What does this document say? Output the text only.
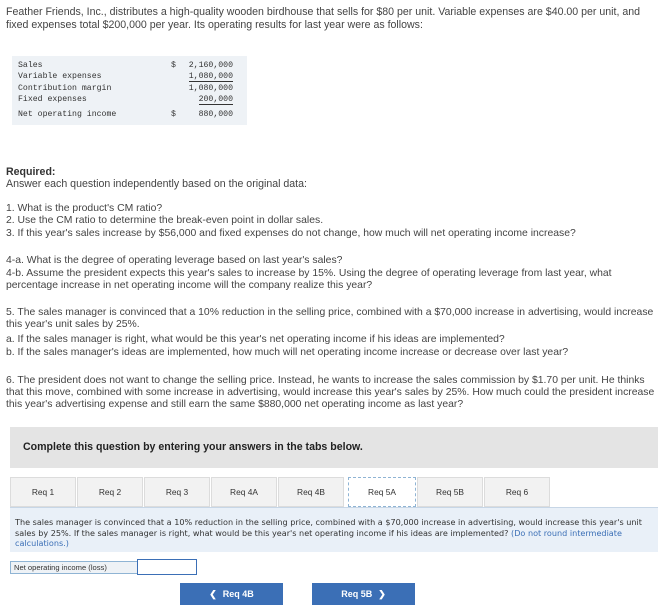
Feather Friends, Inc., distributes a high-quality wooden birdhouse that sells for $80 per unit. Variable expenses are $40.00 per unit, and fixed expenses total $200,000 per year. Its operating results for last year were as follows:
Sales	$ 2,160,000
Variable expenses	1,080,000
Contribution margin	1,080,000
Fixed expenses	200,000
Net operating income	$	880,000
Required:
Answer each question independently based on the original data:
1. What is the product's CM ratio?
2. Use the CM ratio to determine the break-even point in dollar sales.
3. If this year's sales increase by $56,000 and fixed expenses do not change, how much will net operating income increase?
4-a. What is the degree of operating leverage based on last year's sales?
4-b. Assume the president expects this year's sales to increase by 15%. Using the degree of operating leverage from last year, what percentage increase in net operating income will the company realize this year?
5. The sales manager is convinced that a 10% reduction in the selling price, combined with a $70,000 increase in advertising, would increase this year's unit sales by 25%.
a. If the sales manager is right, what would be this year's net operating income if his ideas are implemented?
b. If the sales manager's ideas are implemented, how much will net operating income increase or decrease over last year?
6. The president does not want to change the selling price. Instead, he wants to increase the sales commission by $1.70 per unit. He thinks that this move, combined with some increase in advertising, would increase this year's sales by 25%. How much could the president increase this year's advertising expense and still earn the same $880,000 net operating income as last year?
Complete this question by entering your answers in the tabs below.
Req 1	Req 2	Req 3	Req 4A	Req 4B	Req 5A	Req 5B	Req 6
The sales manager is convinced that a 10% reduction in the selling price, combined with a $70,000 increase in advertising, would increase this year's unit sales by 25%. If the sales manager is right, what would be this year's net operating income if his ideas are implemented? (Do not round intermediate calculations.)
Net operating income (loss)
❮ Req 4B	Req 5B ❯
